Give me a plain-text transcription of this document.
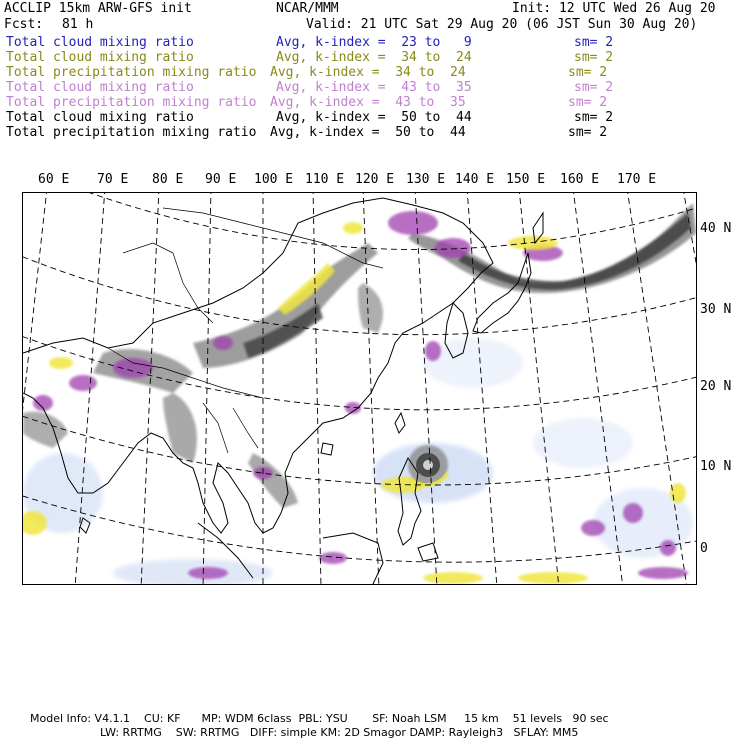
ACCLIP 15km ARW-GFS init	NCAR/MMM	Init: 12 UTC Wed 26 Aug 20
Fcst: 81 h	Valid: 21 UTC Sat 29 Aug 20 (06 JST Sun 30 Aug 20)
Total cloud mixing ratio	Avg, k-index =  23 to   9	sm= 2
Total cloud mixing ratio	Avg, k-index =  34 to  24	sm= 2
Total precipitation mixing ratio Avg, k-index =  34 to  24	sm= 2
Total cloud mixing ratio	Avg, k-index =  43 to  35	sm= 2
Total precipitation mixing ratio Avg, k-index =  43 to  35	sm= 2
Total cloud mixing ratio	Avg, k-index =  50 to  44	sm= 2
Total precipitation mixing ratio Avg, k-index =  50 to  44	sm= 2
60 E 70 E 80 E 90 E 100 E 110 E 120 E 130 E 140 E 150 E 160 E 170 E
40 N
30 N
20 N
10 N
0
Model Info: V4.1.1    CU: KF      MP: WDM 6class  PBL: YSU       SF: Noah LSM     15 km    51 levels   90 sec
LW: RRTMG    SW: RRTMG   DIFF: simple KM: 2D Smagor DAMP: Rayleigh3   SFLAY: MM5
